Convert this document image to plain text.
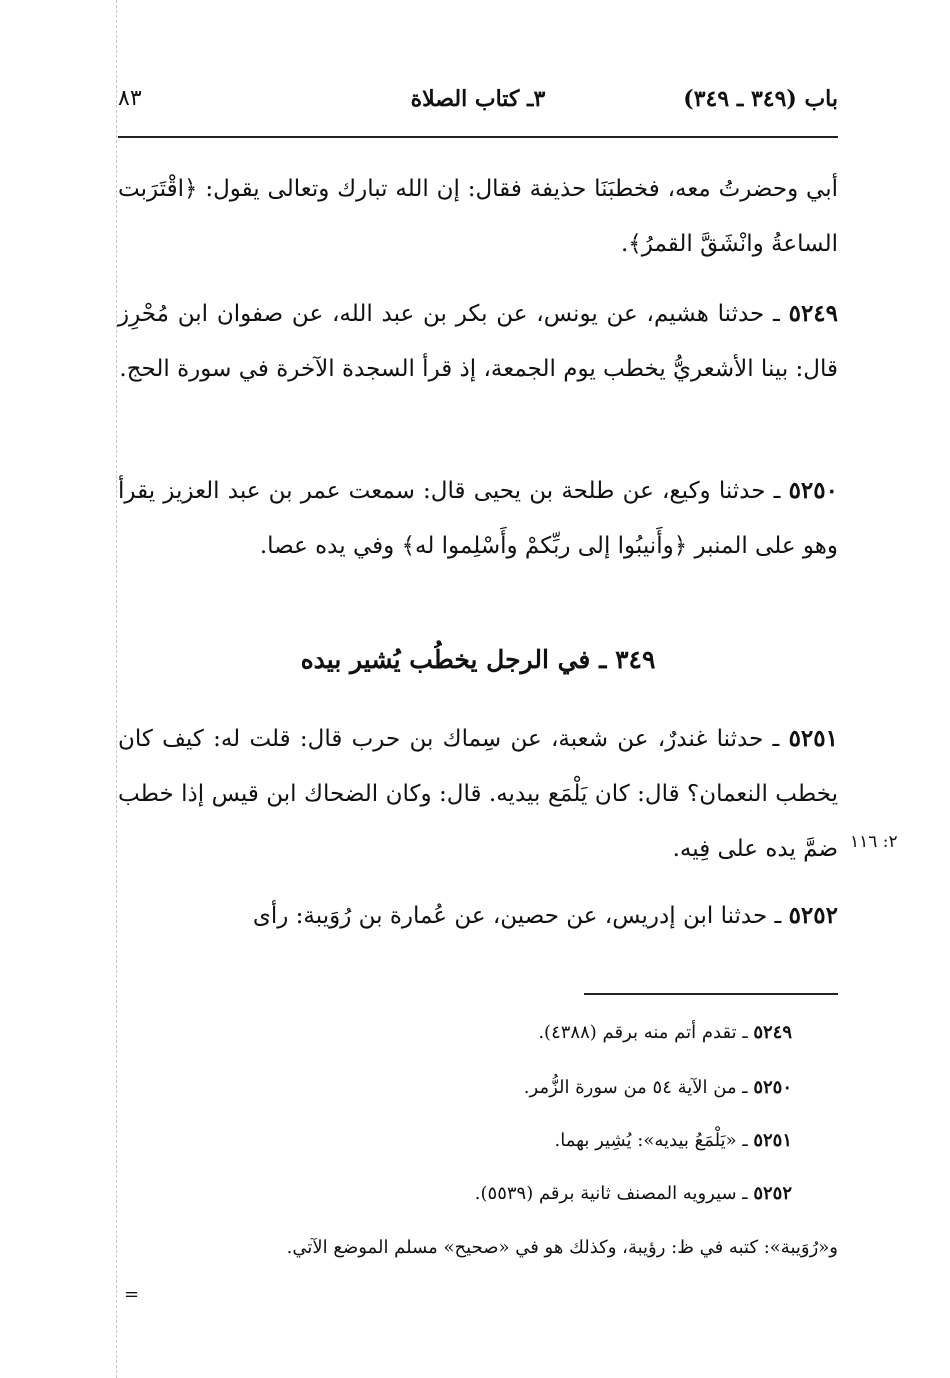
باب (٣٤٩ ـ ٣٤٩)
٣ـ كتاب الصلاة
٨٣

أبي وحضرتُ معه، فخطبَنَا حذيفة فقال: إن الله تبارك وتعالى يقول: ﴿اقْتَرَبت الساعةُ وانْشَقَّ القمرُ﴾.

٥٢٤٩ ـ حدثنا هشيم، عن يونس، عن بكر بن عبد الله، عن صفوان ابن مُحْرِز قال: بينا الأشعريُّ يخطب يوم الجمعة، إذ قرأ السجدة الآخرة في سورة الحج.

٥٢٥٠ ـ حدثنا وكيع، عن طلحة بن يحيى قال: سمعت عمر بن عبد العزيز يقرأ وهو على المنبر ﴿وأَنيبُوا إلى ربِّكمْ وأَسْلِموا له﴾ وفي يده عصا.

٣٤٩ ـ في الرجل يخطُب يُشير بيده

٥٢٥١ ـ حدثنا غندرٌ، عن شعبة، عن سِماك بن حرب قال: قلت له: كيف كان يخطب النعمان؟ قال: كان يَلْمَع بيديه. قال: وكان الضحاك ابن قيس إذا خطب ضمَّ يده على فِيه. ٢: ١١٦

٥٢٥٢ ـ حدثنا ابن إدريس، عن حصين، عن عُمارة بن رُوَيبة: رأى

٥٢٤٩ ـ تقدم أتم منه برقم (٤٣٨٨).

٥٢٥٠ ـ من الآية ٥٤ من سورة الزُّمر.

٥٢٥١ ـ «يَلْمَعُ بيديه»: يُشِير بهما.

٥٢٥٢ ـ سيرويه المصنف ثانية برقم (٥٥٣٩).

و«رُوَيبة»: كتبه في ظ: رؤيبة، وكذلك هو في «صحيح» مسلم الموضع الآتي.

=
